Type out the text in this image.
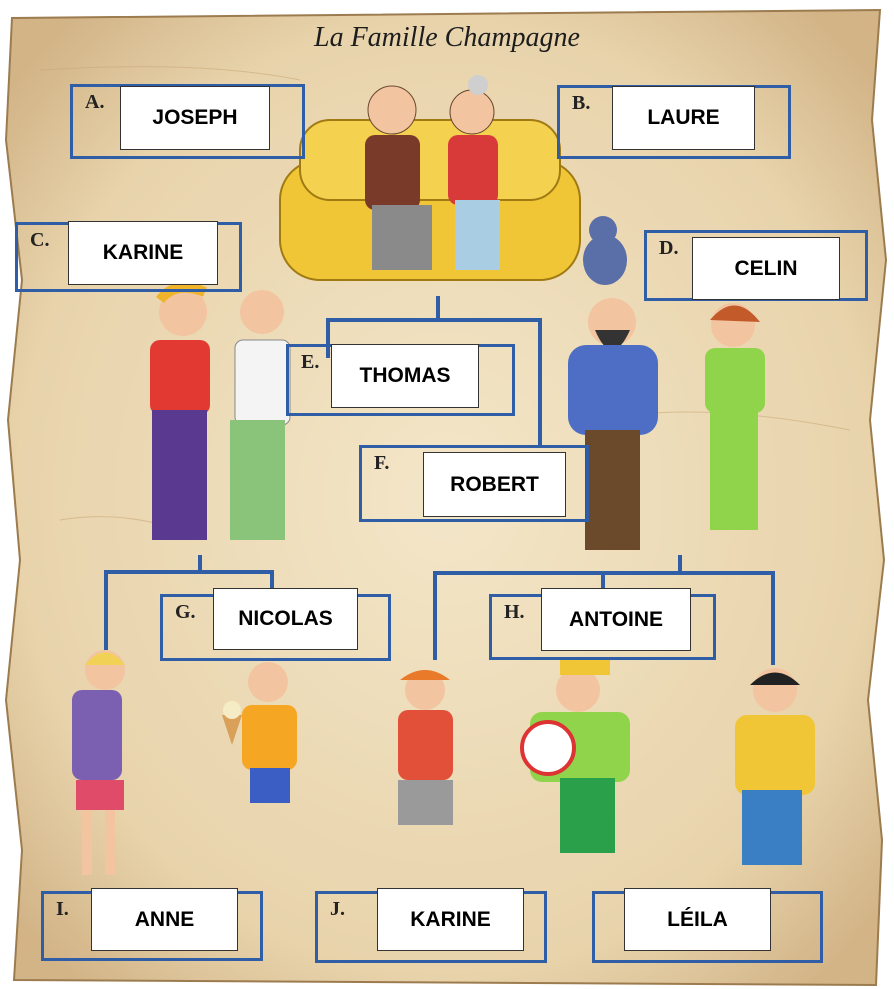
La Famille Champagne
A.
JOSEPH
B.
LAURE
C.
KARINE	D.
CELIN
E.
THOMAS
F.
ROBERT
G.	NICOLAS	H.	ANTOINE
I.	ANNE	J.	KARINE	LÉILA
